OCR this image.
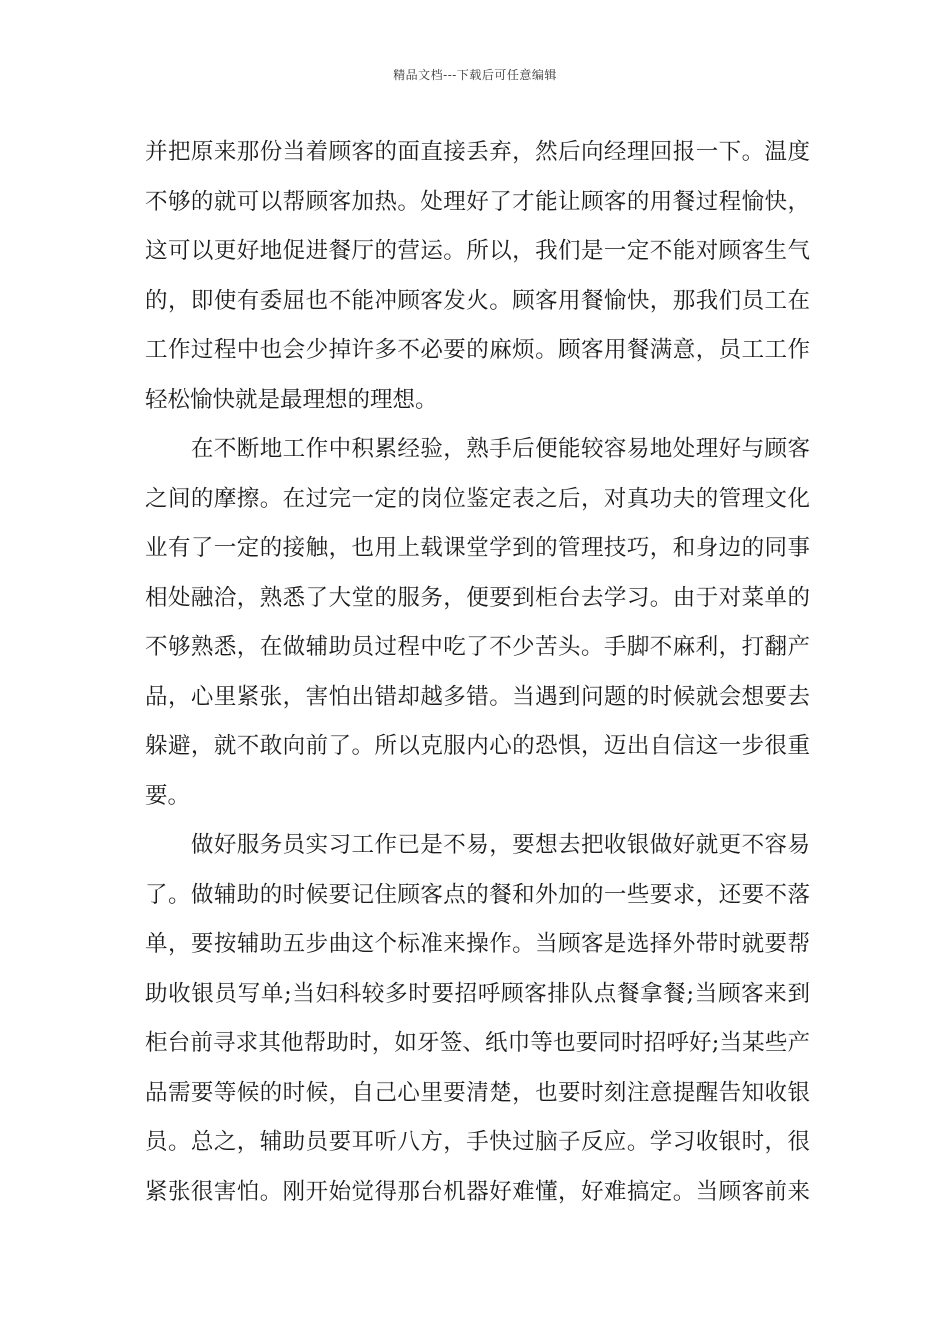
精品文档---下载后可任意编辑
并把原来那份当着顾客的面直接丢弃，然后向经理回报一下。温度
不够的就可以帮顾客加热。处理好了才能让顾客的用餐过程愉快，
这可以更好地促进餐厅的营运。所以，我们是一定不能对顾客生气
的，即使有委屈也不能冲顾客发火。顾客用餐愉快，那我们员工在
工作过程中也会少掉许多不必要的麻烦。顾客用餐满意，员工工作
轻松愉快就是最理想的理想。
　　在不断地工作中积累经验，熟手后便能较容易地处理好与顾客
之间的摩擦。在过完一定的岗位鉴定表之后，对真功夫的管理文化
业有了一定的接触，也用上载课堂学到的管理技巧，和身边的同事
相处融洽，熟悉了大堂的服务，便要到柜台去学习。由于对菜单的
不够熟悉，在做辅助员过程中吃了不少苦头。手脚不麻利，打翻产
品，心里紧张，害怕出错却越多错。当遇到问题的时候就会想要去
躲避，就不敢向前了。所以克服内心的恐惧，迈出自信这一步很重
要。
　　做好服务员实习工作已是不易，要想去把收银做好就更不容易
了。做辅助的时候要记住顾客点的餐和外加的一些要求，还要不落
单，要按辅助五步曲这个标准来操作。当顾客是选择外带时就要帮
助收银员写单;当妇科较多时要招呼顾客排队点餐拿餐;当顾客来到
柜台前寻求其他帮助时，如牙签、纸巾等也要同时招呼好;当某些产
品需要等候的时候，自己心里要清楚，也要时刻注意提醒告知收银
员。总之，辅助员要耳听八方，手快过脑子反应。学习收银时，很
紧张很害怕。刚开始觉得那台机器好难懂，好难搞定。当顾客前来
